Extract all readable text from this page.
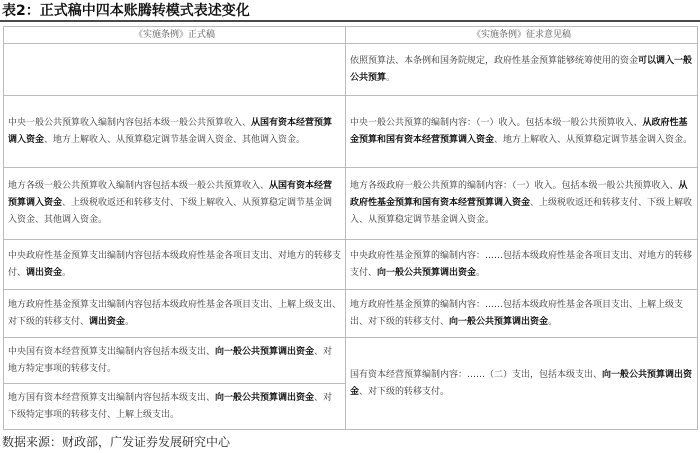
表2：正式稿中四本账腾转模式表述变化
《实施条例》正式稿	《实施条例》征求意见稿
	依照预算法、本条例和国务院规定，政府性基金预算能够统筹使用的资金可以调入一般公共预算。
中央一般公共预算收入编制内容包括本级一般公共预算收入、从国有资本经营预算调入资金、地方上解收入、从预算稳定调节基金调入资金、其他调入资金。	中央一般公共预算的编制内容：（一）收入。包括本级一般公共预算收入、从政府性基金预算和国有资本经营预算调入资金、地方上解收入、从预算稳定调节基金调入资金。
地方各级一般公共预算收入编制内容包括本级一般公共预算收入、从国有资本经营预算调入资金、上级税收返还和转移支付、下级上解收入、从预算稳定调节基金调入资金、其他调入资金。	地方各级政府一般公共预算的编制内容：（一）收入。包括本级一般公共预算收入、从政府性基金预算和国有资本经营预算调入资金、上级税收返还和转移支付、下级上解收入、从预算稳定调节基金调入资金。
中央政府性基金预算支出编制内容包括本级政府性基金各项目支出、对地方的转移支付、调出资金。	中央政府性基金预算的编制内容：……包括本级政府性基金各项目支出、对地方的转移支付、向一般公共预算调出资金。
地方政府性基金预算支出编制内容包括本级政府性基金各项目支出、上解上级支出、对下级的转移支付、调出资金。	地方政府性基金预算的编制内容：……包括本级政府性基金各项目支出、上解上级支出、对下级的转移支付、向一般公共预算调出资金。
中央国有资本经营预算支出编制内容包括本级支出、向一般公共预算调出资金、对地方特定事项的转移支付。	国有资本经营预算编制内容：……（二）支出，包括本级支出、向一般公共预算调出资金、对下级的转移支付。
地方国有资本经营预算支出编制内容包括本级支出、向一般公共预算调出资金、对下级特定事项的转移支付、上解上级支出。	
数据来源：财政部，广发证券发展研究中心
